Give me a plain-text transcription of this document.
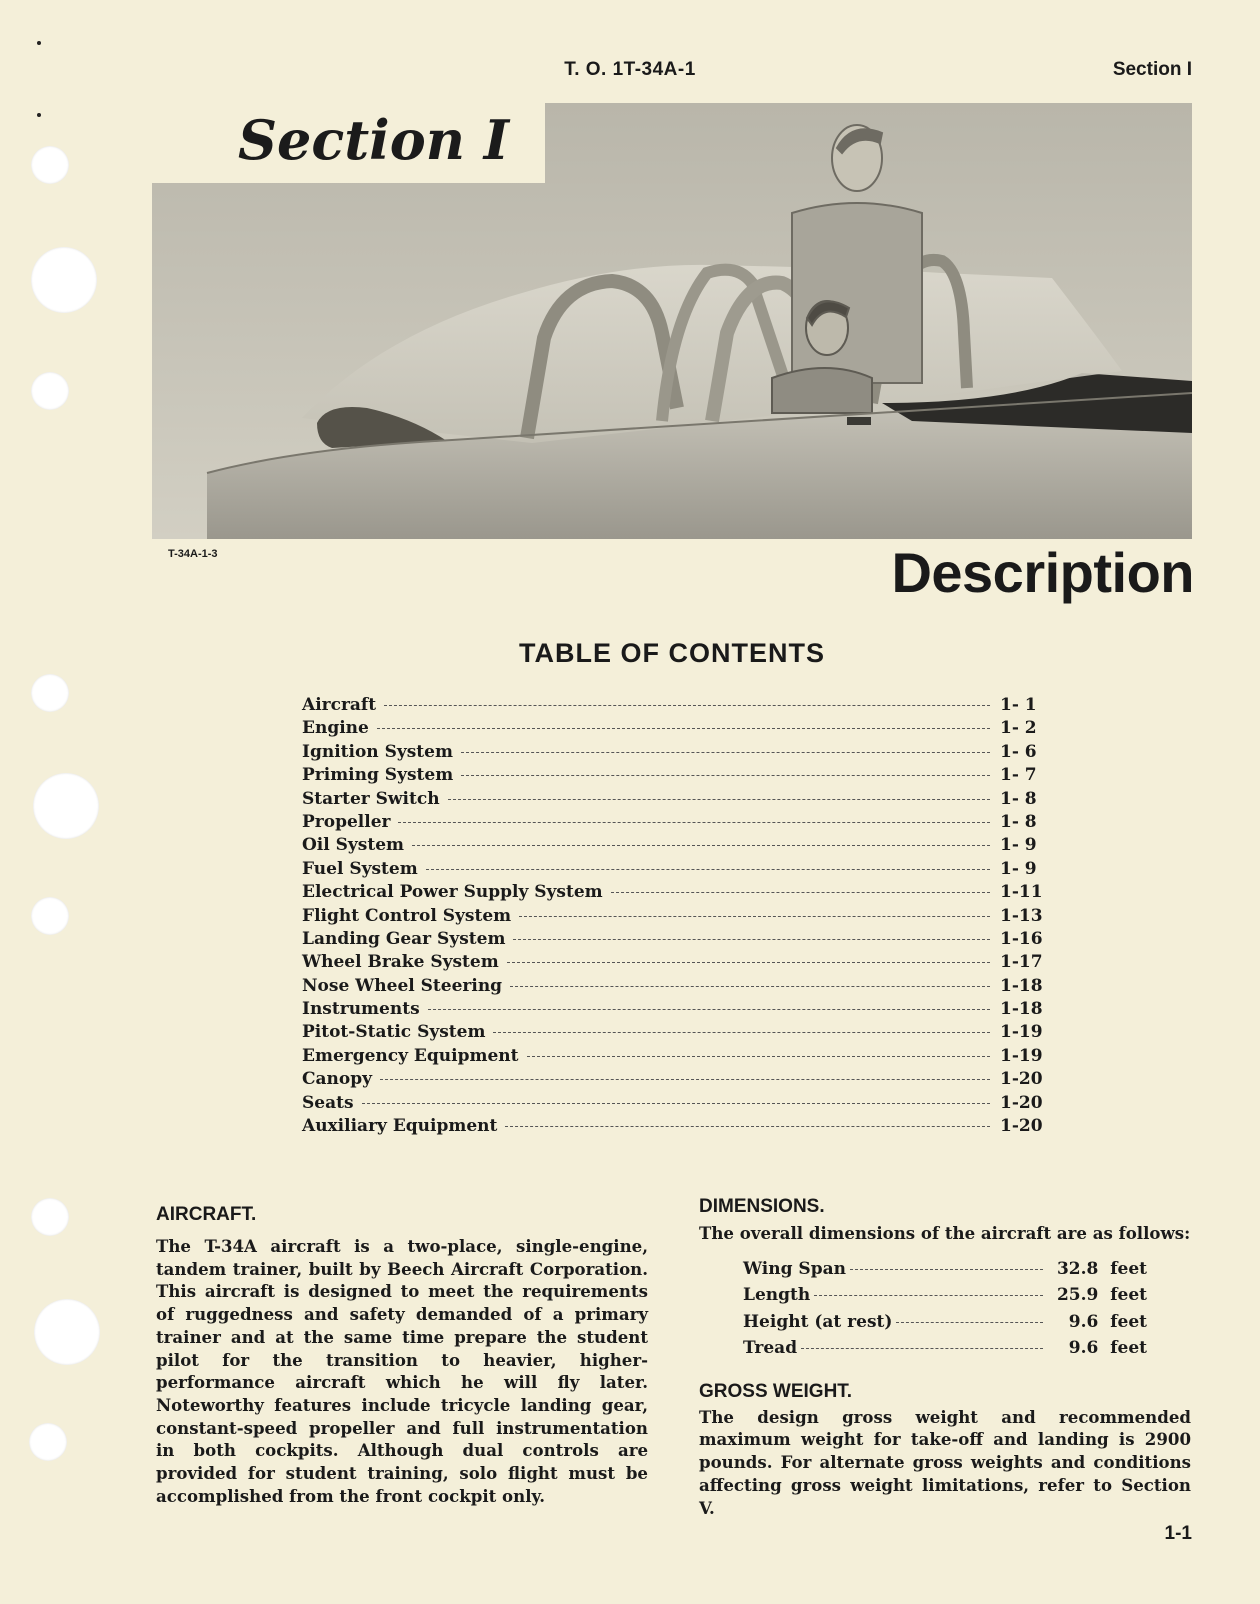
T. O. 1T-34A-1	Section I
Section I
T-34A-1-3	Description
TABLE OF CONTENTS
Aircraft	1- 1
Engine	1- 2
Ignition System	1- 6
Priming System	1- 7
Starter Switch	1- 8
Propeller	1- 8
Oil System	1- 9
Fuel System	1- 9
Electrical Power Supply System	1-11
Flight Control System	1-13
Landing Gear System	1-16
Wheel Brake System	1-17
Nose Wheel Steering	1-18
Instruments	1-18
Pitot-Static System	1-19
Emergency Equipment	1-19
Canopy	1-20
Seats	1-20
Auxiliary Equipment	1-20
AIRCRAFT.
The T-34A aircraft is a two-place, single-engine, tandem trainer, built by Beech Aircraft Corporation. This aircraft is designed to meet the requirements of ruggedness and safety demanded of a primary trainer and at the same time prepare the student pilot for the transition to heavier, higher-performance aircraft which he will fly later. Noteworthy features include tricycle landing gear, constant-speed propeller and full instrumentation in both cockpits. Although dual controls are provided for student training, solo flight must be accomplished from the front cockpit only.
DIMENSIONS.
The overall dimensions of the aircraft are as follows:
Wing Span	32.8  feet
Length	25.9  feet
Height (at rest)	9.6  feet
Tread	9.6  feet
GROSS WEIGHT.
The design gross weight and recommended maximum weight for take-off and landing is 2900 pounds. For alternate gross weights and conditions affecting gross weight limitations, refer to Section V.
1-1
